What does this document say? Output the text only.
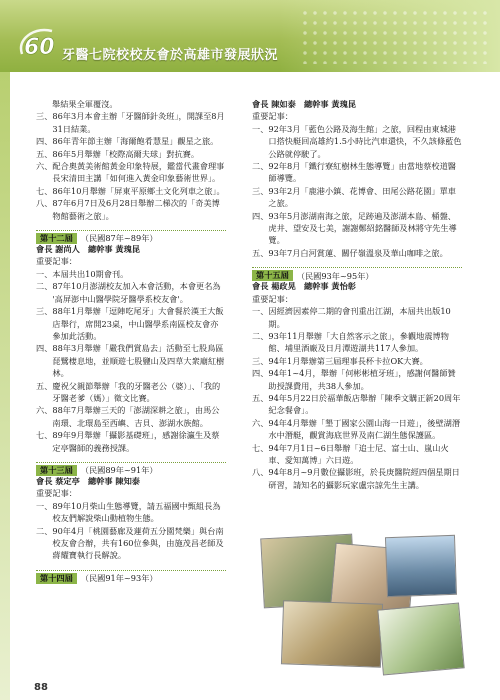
60 牙醫七院校校友會於高雄市發展狀況
舉結果全軍覆沒。
三、 86年3月本會主辦「牙醫師針灸班」，開課至8月31日結業。
四、 86年青年節主辦「海爾飽肴慧星」觀星之旅。
五、 86年5月舉辦「校際高爾夫球」對抗賽。
六、 配合奧黃美術館黃金印象特展，鑑當代畫會理事長宋清田主講「如何進入黃金印象藝術世界」。
七、 86年10月舉辦「屏東平原鄉土文化列車之旅」。
八、 87年6月7日及6月28日舉辦二梯次的「奇美博物館藝術之旅」。
第十二屆 （民國87年~89年）
會長 謝尚人　總幹事 黃瑰昆
重要記事：
一、 本屆共出10期會刊。
二、 87年10月澎湖校友加入本會活動，本會更名為 '高屏澎中山醫學院牙醫學系校友會'。
三、 88年1月舉辦「逗陣吃尾牙」大會餐於漢王大飯店舉行，席開23桌，中山醫學系南區校友會亦參加此活動。
四、 88年3月舉辦「嚴我們賞島去」活動至七股鳥區琵鷺棲息地，並順遊七股鹽山及四草大衆廟紅樹林。
五、 慶祝父親節舉辦「我的牙醫老公（婆）」、「我的牙醫老爹（媽）」徵文比賽。
六、 88年7月舉辦三天的「澎湖深耕之旅」，由馬公南環、北環島至西嶼、吉貝、澎湖水族館。
七、 89年9月舉辦「攝影基礎班」，感謝徐瀛生及蔡定亭醫師的義務授課。
第十三屆 （民國89年~91年）
會長 蔡定亭　總幹事 陳知泰
重要記事：
一、 89年10月柴山生態導覽，請五福國中甄組長為校友們解說柴山動植物生態。
二、 90年4月「桃園藝廊及蓮荷五分園梵樂」與台南校友會合辦，共有160位參與，由施茂昌老師及蔣耀寶執行長解說。
第十四屆 （民國91年~93年）
會長 陳如泰　總幹事 黃瑰昆
重要記事：
一、 92年3月「藍色公路及海生館」之旅，回程由東城港口搭快艇回高雄約1.5小時比汽車還快，不久該條藍色公路就停駛了。
二、 92年8月「鐵行寮紅樹林生態導覽」由當地蔡校道醫師導覽。
三、 93年2月「鹿港小鎮、花博會、田尾公路花園」單車之旅。
四、 93年5月澎湖南海之旅，足跡遍及澎湖本島、桶盤、虎井、望安及七美，謝謝鄭紹銘醫師及林將守先生導覽。
五、 93年7月白河賞蓮、關仔嶺溫泉及華山咖啡之旅。
第十五屆 （民國93年~95年）
會長 楊政晃　總幹事 黃怡彰
重要記事：
一、 因經濟因素停二期的會刊重出江湖，本屆共出版10期。
二、 93年11月舉辦「大自然客示之旅」，參觀地震博物館、埔里酒廠及日月潭遊湖共117人參加。
三、 94年1月舉辦第三屆理事長杯卡拉OK大賽。
四、 94年1~4月，舉辦「何彬彬植牙班」，感謝何醫師贊助授課費用，共38人參加。
五、 94年5月22日於福華飯店舉辦「陳季文購正新20周年紀念餐會」。
六、 94年4月舉辦「墾丁國家公園山海一日遊」，後壁湖潛水中潛艇，觀賞海底世界及南仁湖生態保護區。
七、 94年7月1日~6日舉辦「追士尼、富士山、嵐山火車、愛知萬博」六日遊。
八、 94年8月~9月數位攝影班，於長庚醫院經四個星期日研習，請知名的攝影玩家盧宗諒先生主講。
88
